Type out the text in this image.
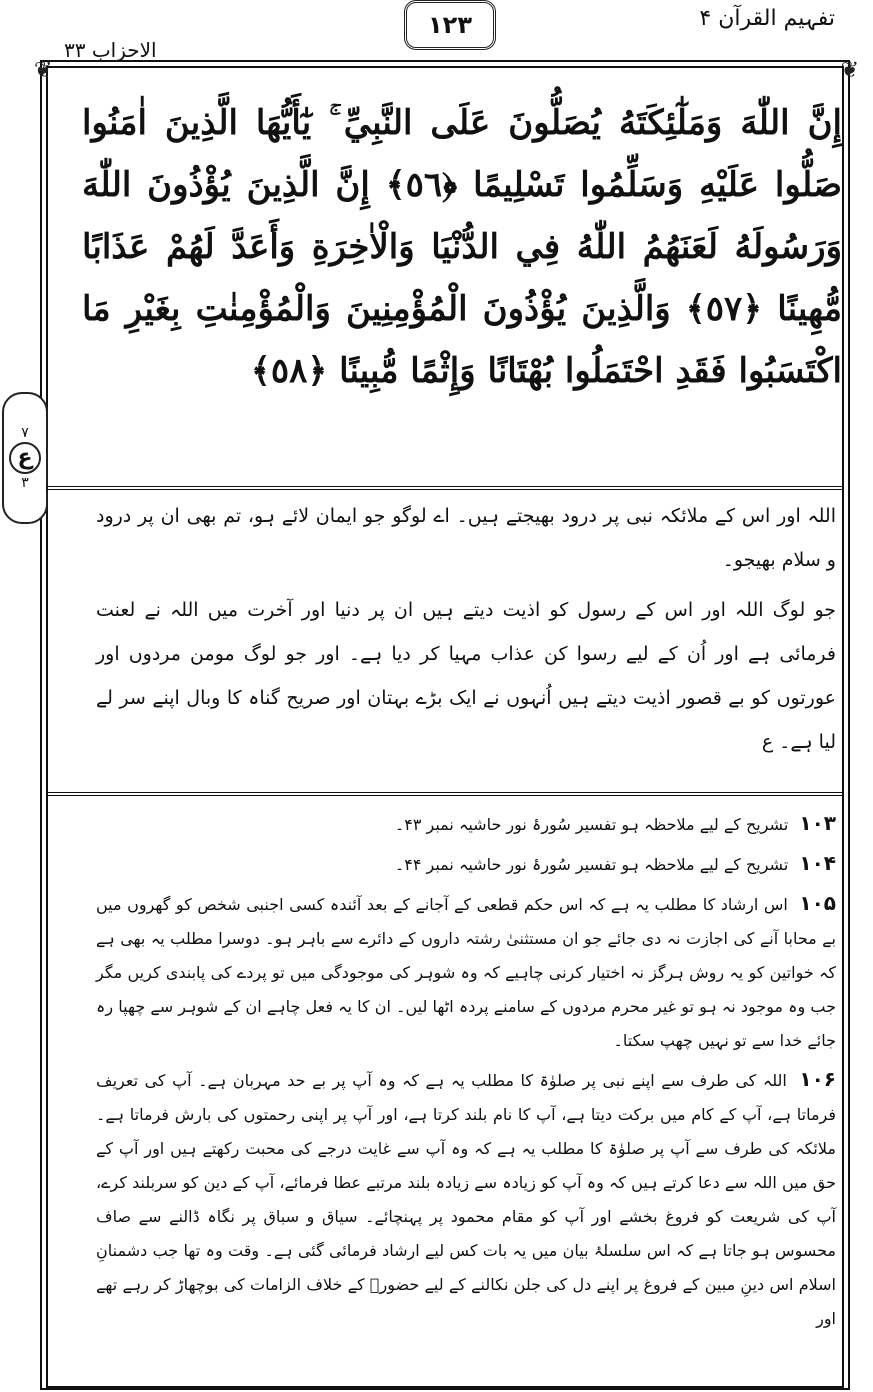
تفہیم القرآن ۴
۱۲۳
الاحزاب ۳۳
❦	❦
۷
ع
۳
إِنَّ اللّٰهَ وَمَلٰٓئِكَتَهُ يُصَلُّونَ عَلَى النَّبِيِّ ۚ يٰٓأَيُّهَا الَّذِينَ اٰمَنُوا صَلُّوا عَلَيْهِ وَسَلِّمُوا تَسْلِيمًا ﴿٥٦﴾ إِنَّ الَّذِينَ يُؤْذُونَ اللّٰهَ وَرَسُولَهُ لَعَنَهُمُ اللّٰهُ فِي الدُّنْيَا وَالْاٰخِرَةِ وَأَعَدَّ لَهُمْ عَذَابًا مُّهِينًا ﴿٥٧﴾ وَالَّذِينَ يُؤْذُونَ الْمُؤْمِنِينَ وَالْمُؤْمِنٰتِ بِغَيْرِ مَا اكْتَسَبُوا فَقَدِ احْتَمَلُوا بُهْتَانًا وَإِثْمًا مُّبِينًا ﴿٥٨﴾

اللہ اور اس کے ملائکہ نبی پر درود بھیجتے ہیں۔ اے لوگو جو ایمان لائے ہو، تم بھی ان پر درود و سلام بھیجو۔

جو لوگ اللہ اور اس کے رسول کو اذیت دیتے ہیں ان پر دنیا اور آخرت میں اللہ نے لعنت فرمائی ہے اور اُن کے لیے رسوا کن عذاب مہیا کر دیا ہے۔ اور جو لوگ مومن مردوں اور عورتوں کو بے قصور اذیت دیتے ہیں اُنہوں نے ایک بڑے بہتان اور صریح گناہ کا وبال اپنے سر لے لیا ہے۔ ع

۱۰۳ تشریح کے لیے ملاحظہ ہو تفسیر سُورۂ نور حاشیہ نمبر ۴۳۔

۱۰۴ تشریح کے لیے ملاحظہ ہو تفسیر سُورۂ نور حاشیہ نمبر ۴۴۔

۱۰۵ اس ارشاد کا مطلب یہ ہے کہ اس حکم قطعی کے آجانے کے بعد آئندہ کسی اجنبی شخص کو گھروں میں بے محابا آنے کی اجازت نہ دی جائے جو ان مستثنیٰ رشتہ داروں کے دائرے سے باہر ہو۔ دوسرا مطلب یہ بھی ہے کہ خواتین کو یہ روش ہرگز نہ اختیار کرنی چاہیے کہ وہ شوہر کی موجودگی میں تو پردے کی پابندی کریں مگر جب وہ موجود نہ ہو تو غیر محرم مردوں کے سامنے پردہ اٹھا لیں۔ ان کا یہ فعل چاہے ان کے شوہر سے چھپا رہ جائے خدا سے تو نہیں چھپ سکتا۔

۱۰۶ اللہ کی طرف سے اپنے نبی پر صلوٰۃ کا مطلب یہ ہے کہ وہ آپ پر بے حد مہربان ہے۔ آپ کی تعریف فرماتا ہے، آپ کے کام میں برکت دیتا ہے، آپ کا نام بلند کرتا ہے، اور آپ پر اپنی رحمتوں کی بارش فرماتا ہے۔ ملائکہ کی طرف سے آپ پر صلوٰۃ کا مطلب یہ ہے کہ وہ آپ سے غایت درجے کی محبت رکھتے ہیں اور آپ کے حق میں اللہ سے دعا کرتے ہیں کہ وہ آپ کو زیادہ سے زیادہ بلند مرتبے عطا فرمائے، آپ کے دین کو سربلند کرے، آپ کی شریعت کو فروغ بخشے اور آپ کو مقام محمود پر پہنچائے۔ سیاق و سباق پر نگاہ ڈالنے سے صاف محسوس ہو جاتا ہے کہ اس سلسلۂ بیان میں یہ بات کس لیے ارشاد فرمائی گئی ہے۔ وقت وہ تھا جب دشمنانِ اسلام اس دینِ مبین کے فروغ پر اپنے دل کی جلن نکالنے کے لیے حضورؐ کے خلاف الزامات کی بوچھاڑ کر رہے تھے اور
